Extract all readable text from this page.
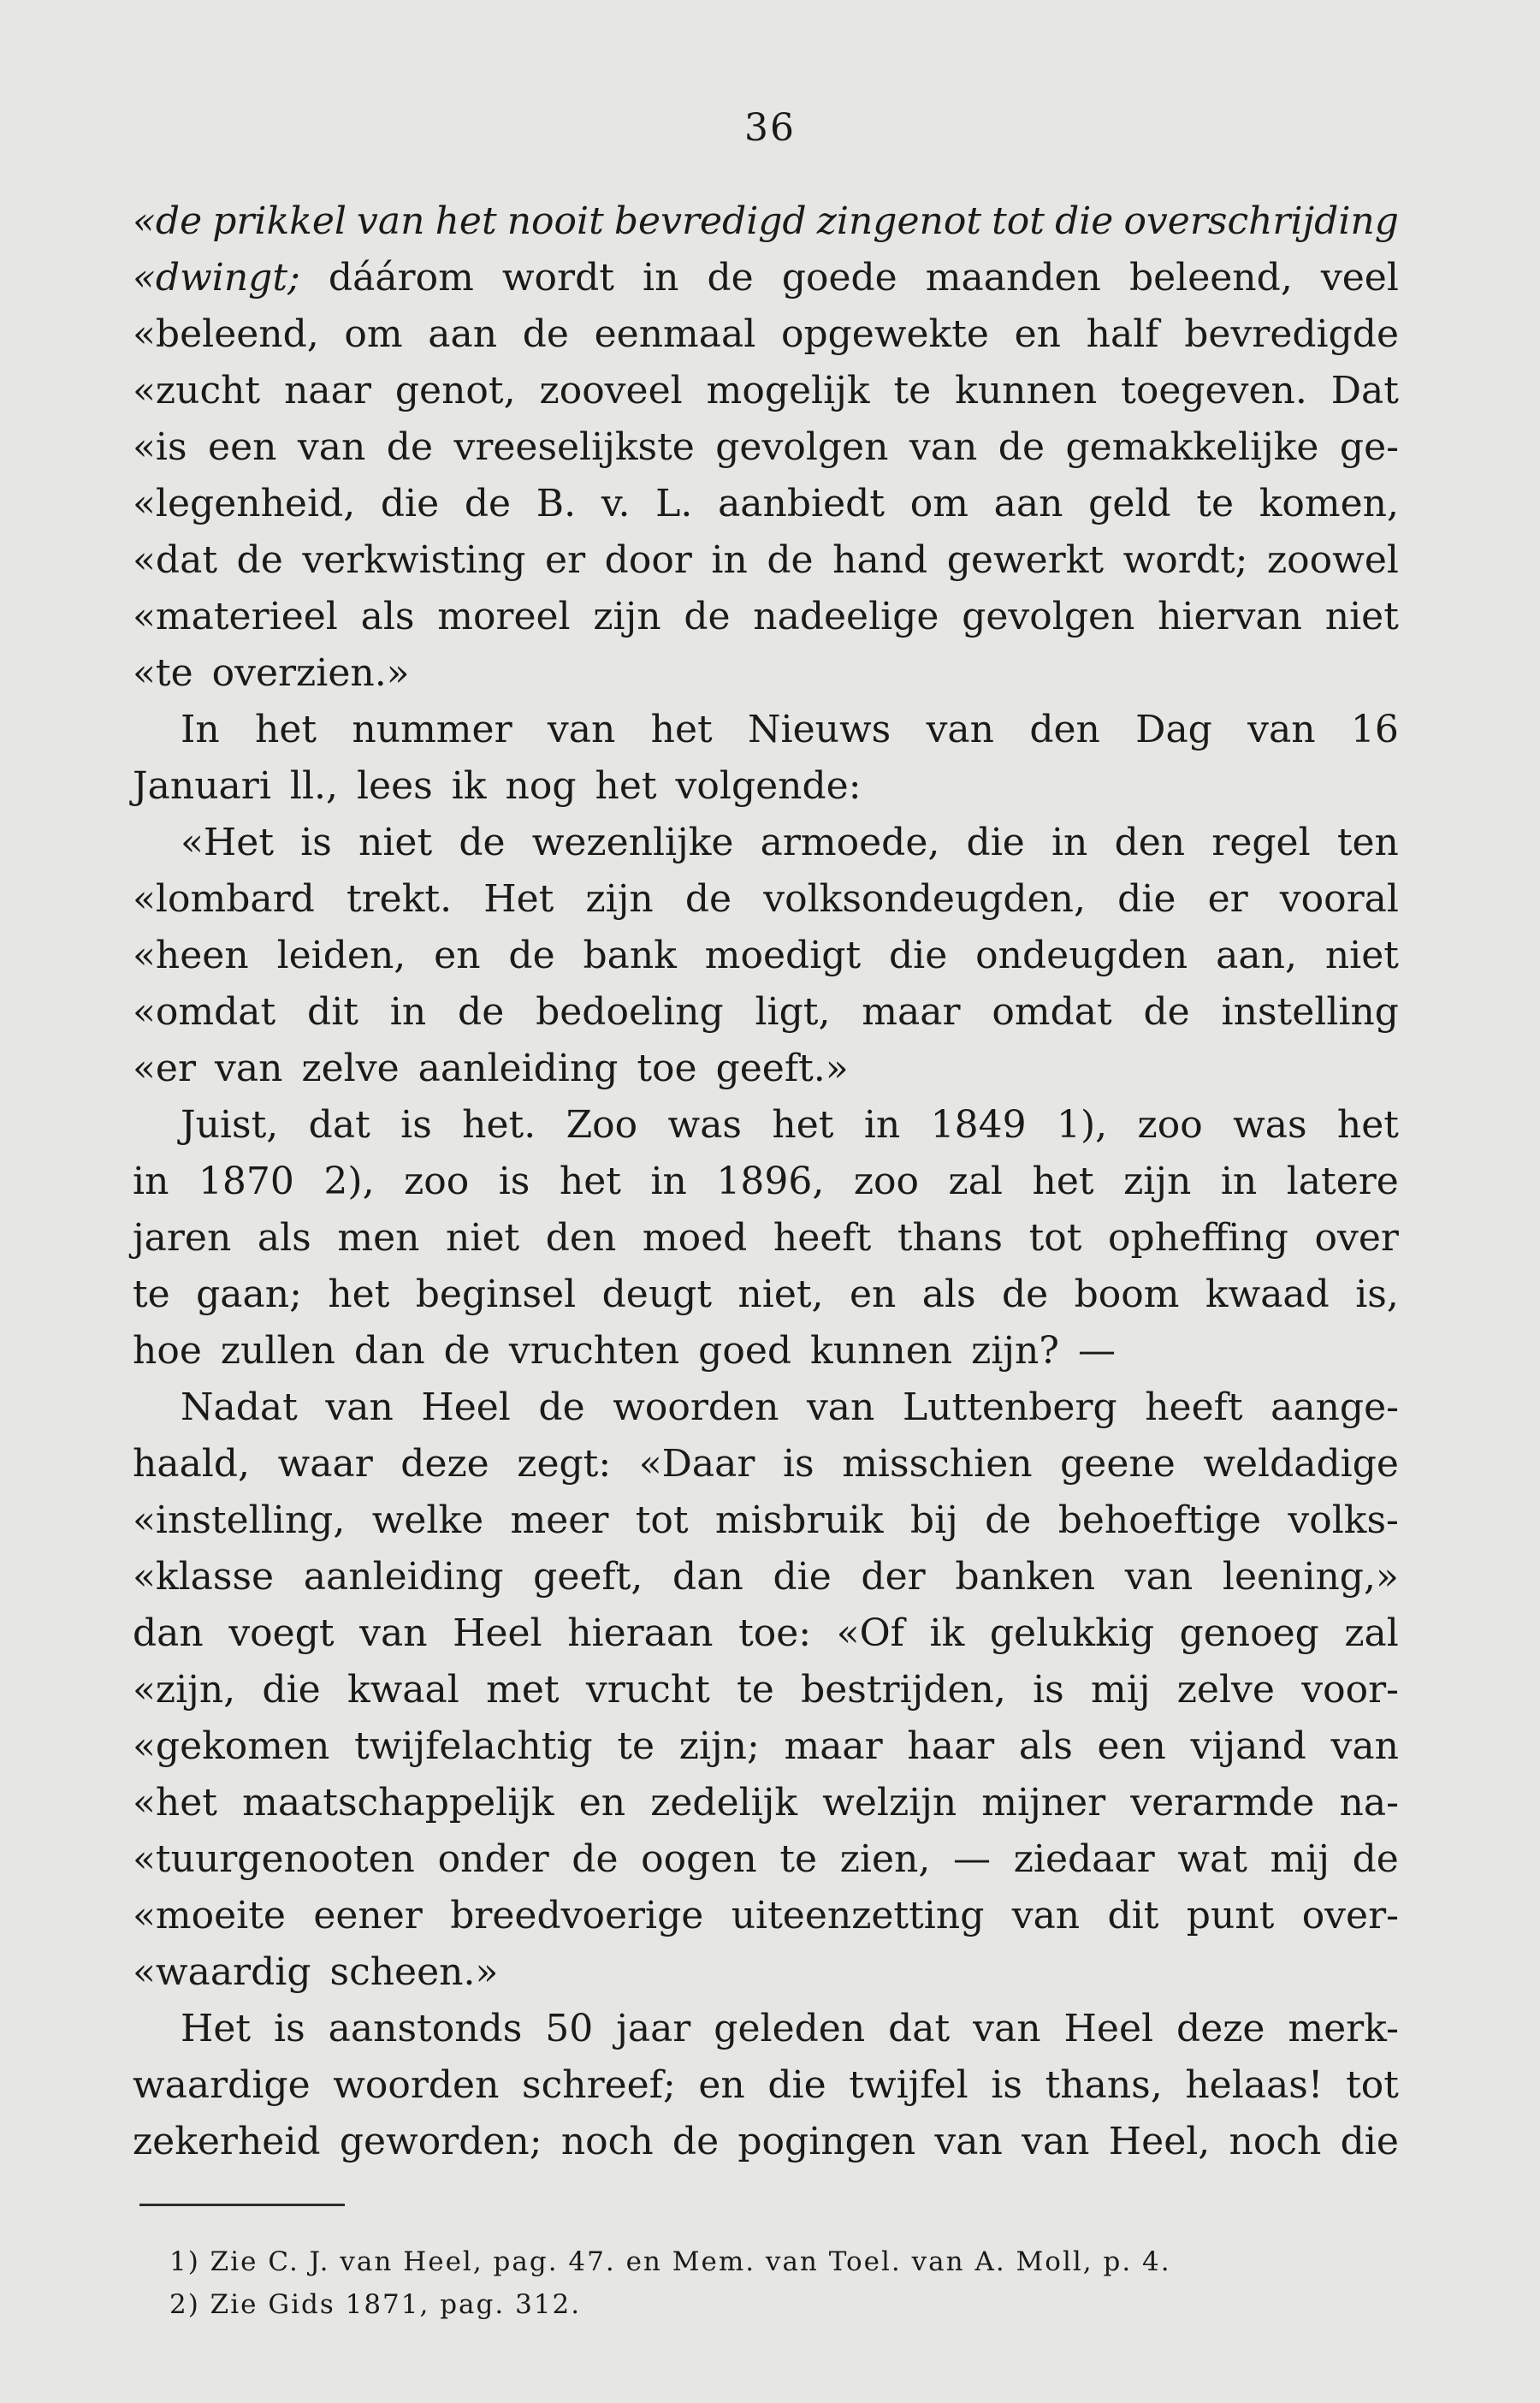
36
«de prikkel van het nooit bevredigd zingenot tot die overschrijding
«dwingt; dáárom wordt in de goede maanden beleend, veel
«beleend, om aan de eenmaal opgewekte en half bevredigde
«zucht naar genot, zooveel mogelijk te kunnen toegeven. Dat
«is een van de vreeselijkste gevolgen van de gemakkelijke ge-
«legenheid, die de B. v. L. aanbiedt om aan geld te komen,
«dat de verkwisting er door in de hand gewerkt wordt; zoowel
«materieel als moreel zijn de nadeelige gevolgen hiervan niet
«te overzien.»
In het nummer van het Nieuws van den Dag van 16
Januari ll., lees ik nog het volgende:
«Het is niet de wezenlijke armoede, die in den regel ten
«lombard trekt. Het zijn de volksondeugden, die er vooral
«heen leiden, en de bank moedigt die ondeugden aan, niet
«omdat dit in de bedoeling ligt, maar omdat de instelling
«er van zelve aanleiding toe geeft.»
Juist, dat is het. Zoo was het in 1849 1), zoo was het
in 1870 2), zoo is het in 1896, zoo zal het zijn in latere
jaren als men niet den moed heeft thans tot opheffing over
te gaan; het beginsel deugt niet, en als de boom kwaad is,
hoe zullen dan de vruchten goed kunnen zijn? —
Nadat van Heel de woorden van Luttenberg heeft aange-
haald, waar deze zegt: «Daar is misschien geene weldadige
«instelling, welke meer tot misbruik bij de behoeftige volks-
«klasse aanleiding geeft, dan die der banken van leening,»
dan voegt van Heel hieraan toe: «Of ik gelukkig genoeg zal
«zijn, die kwaal met vrucht te bestrijden, is mij zelve voor-
«gekomen twijfelachtig te zijn; maar haar als een vijand van
«het maatschappelijk en zedelijk welzijn mijner verarmde na-
«tuurgenooten onder de oogen te zien, — ziedaar wat mij de
«moeite eener breedvoerige uiteenzetting van dit punt over-
«waardig scheen.»
Het is aanstonds 50 jaar geleden dat van Heel deze merk-
waardige woorden schreef; en die twijfel is thans, helaas! tot
zekerheid geworden; noch de pogingen van van Heel, noch die
1) Zie C. J. van Heel, pag. 47. en Mem. van Toel. van A. Moll, p. 4.
2) Zie Gids 1871, pag. 312.
